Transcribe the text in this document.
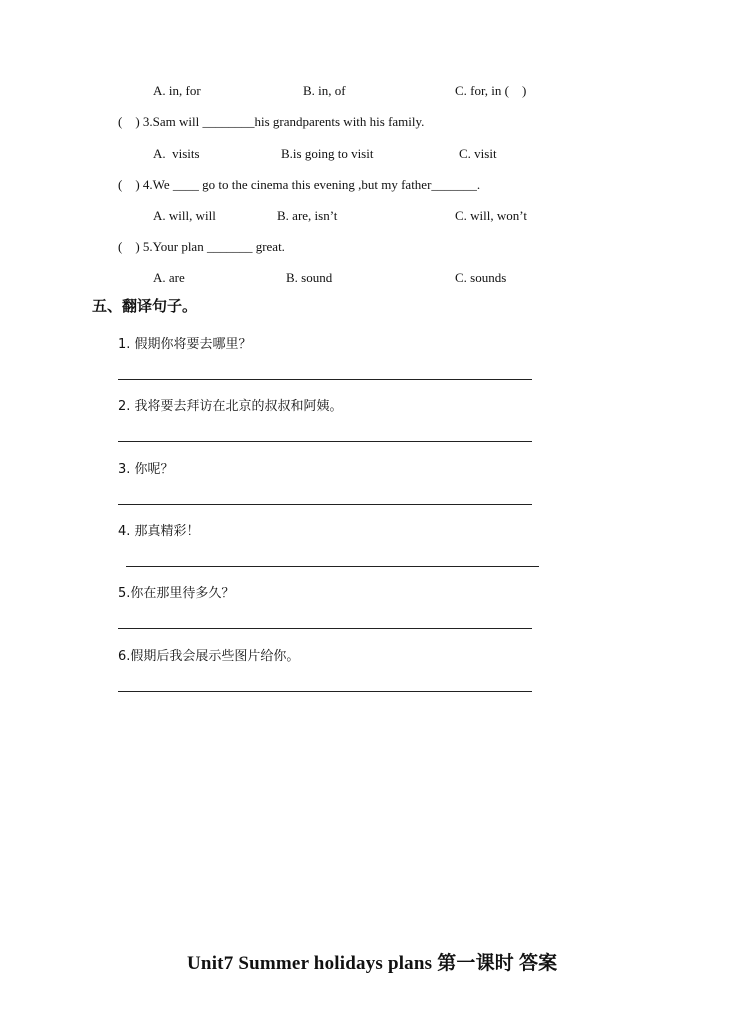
A. in, for	B. in, of	C. for, in (    )
(    ) 3.Sam will ________his grandparents with his family.
A.  visits	B.is going to visit	C. visit
(    ) 4.We ____ go to the cinema this evening ,but my father_______.
A. will, will	B. are, isn’t	C. will, won’t
(    ) 5.Your plan _______ great.
A. are	B. sound	C. sounds
五、翻译句子。
1. 假期你将要去哪里？
2. 我将要去拜访在北京的叔叔和阿姨。
3. 你呢？
4. 那真精彩！
5.你在那里待多久？
6.假期后我会展示些图片给你。
Unit7 Summer holidays plans 第一课时 答案
